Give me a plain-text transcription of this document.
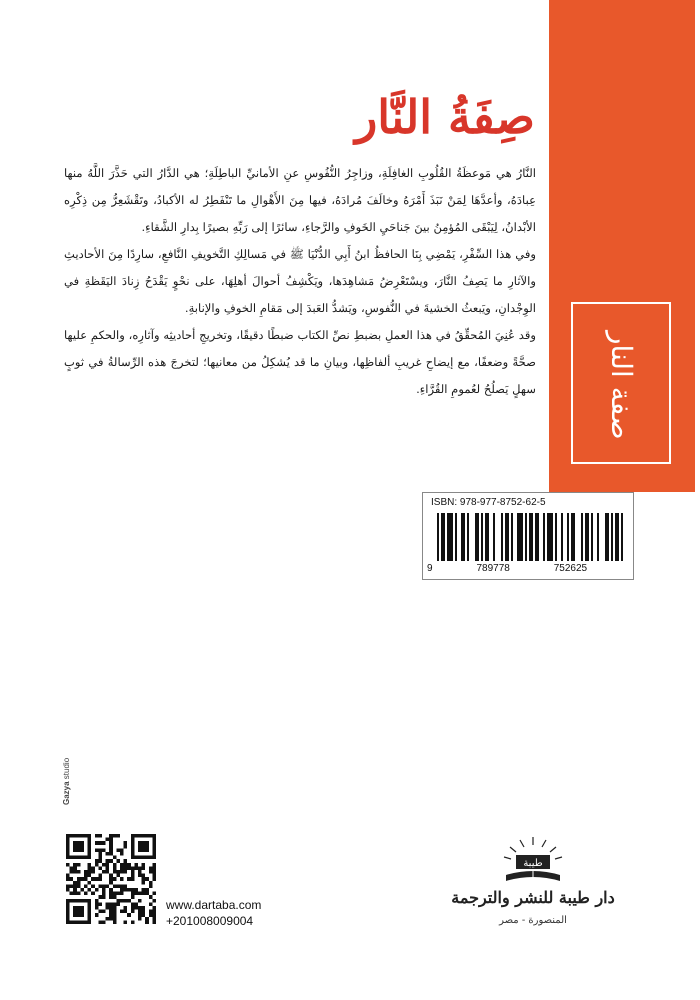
صفة النار
صِفَةُ النَّار

النَّارُ هي مَوعظَةُ القُلُوبِ الغافِلَةِ، وزاجِرُ النُّفُوسِ عنِ الأمانيِّ الباطِلَةِ؛ هي الدَّارُ التي حَذَّرَ اللَّهُ منها عِبادَهُ، وأعدَّهَا لِمَنْ نَبَذَ أَمْرَهُ وخالَفَ مُرادَهُ، فيها مِنَ الأَهْوالِ ما تَنْفَطِرُ له الأكبادُ، وتَقْشَعِرُّ مِن ذِكْرِه الأبْدانُ، لِيَبْقَى المُؤمِنُ بينَ جَناحَيِ الخَوفِ والرَّجاءِ، سائرًا إلى رَبِّهِ بصيرًا بِدارِ الشَّقاءِ.

وفي هذا السِّفْرِ، يَمْضِي بِنَا الحافظُ ابنُ أَبِي الدُّنْيَا ﷺ في مَسالِكِ التَّخويفِ النَّافعِ، سارِدًا مِنَ الأحاديثِ والآثارِ ما يَصِفُ النَّارَ، ويسْتَعْرِضُ مَشاهِدَها، ويَكْشِفُ أحوالَ أهلِهَا، على نحْوٍ يَقْدَحُ زِنادَ اليَقَظةِ في الوِجْدانِ، ويَبعثُ الخشيةَ في النُّفوسِ، ويَشدُّ العَبدَ إلى مَقامِ الخوفِ والإنابةِ.

وقد عُنِيَ المُحقِّقُ في هذا العملِ بضبطِ نصِّ الكتاب ضبطًا دقيقًا، وتخريجِ أحاديثِه وآثارِه، والحكمِ عليها صحَّةً وضعفًا، مع إيضاحِ غريبِ ألفاظِها، وبيانِ ما قد يُشكِلُ من معانيها؛ لتخرجَ هذه الرِّسالةُ في ثوبٍ سهلٍ يَصلُحُ لعُمومِ القُرَّاءِ.

ISBN: 978-977-8752-62-5
9	789778	752625
Gazya studio
www.dartaba.com
+201008009004
طيبة
دار طيبة للنشر والترجمة
المنصورة - مصر
